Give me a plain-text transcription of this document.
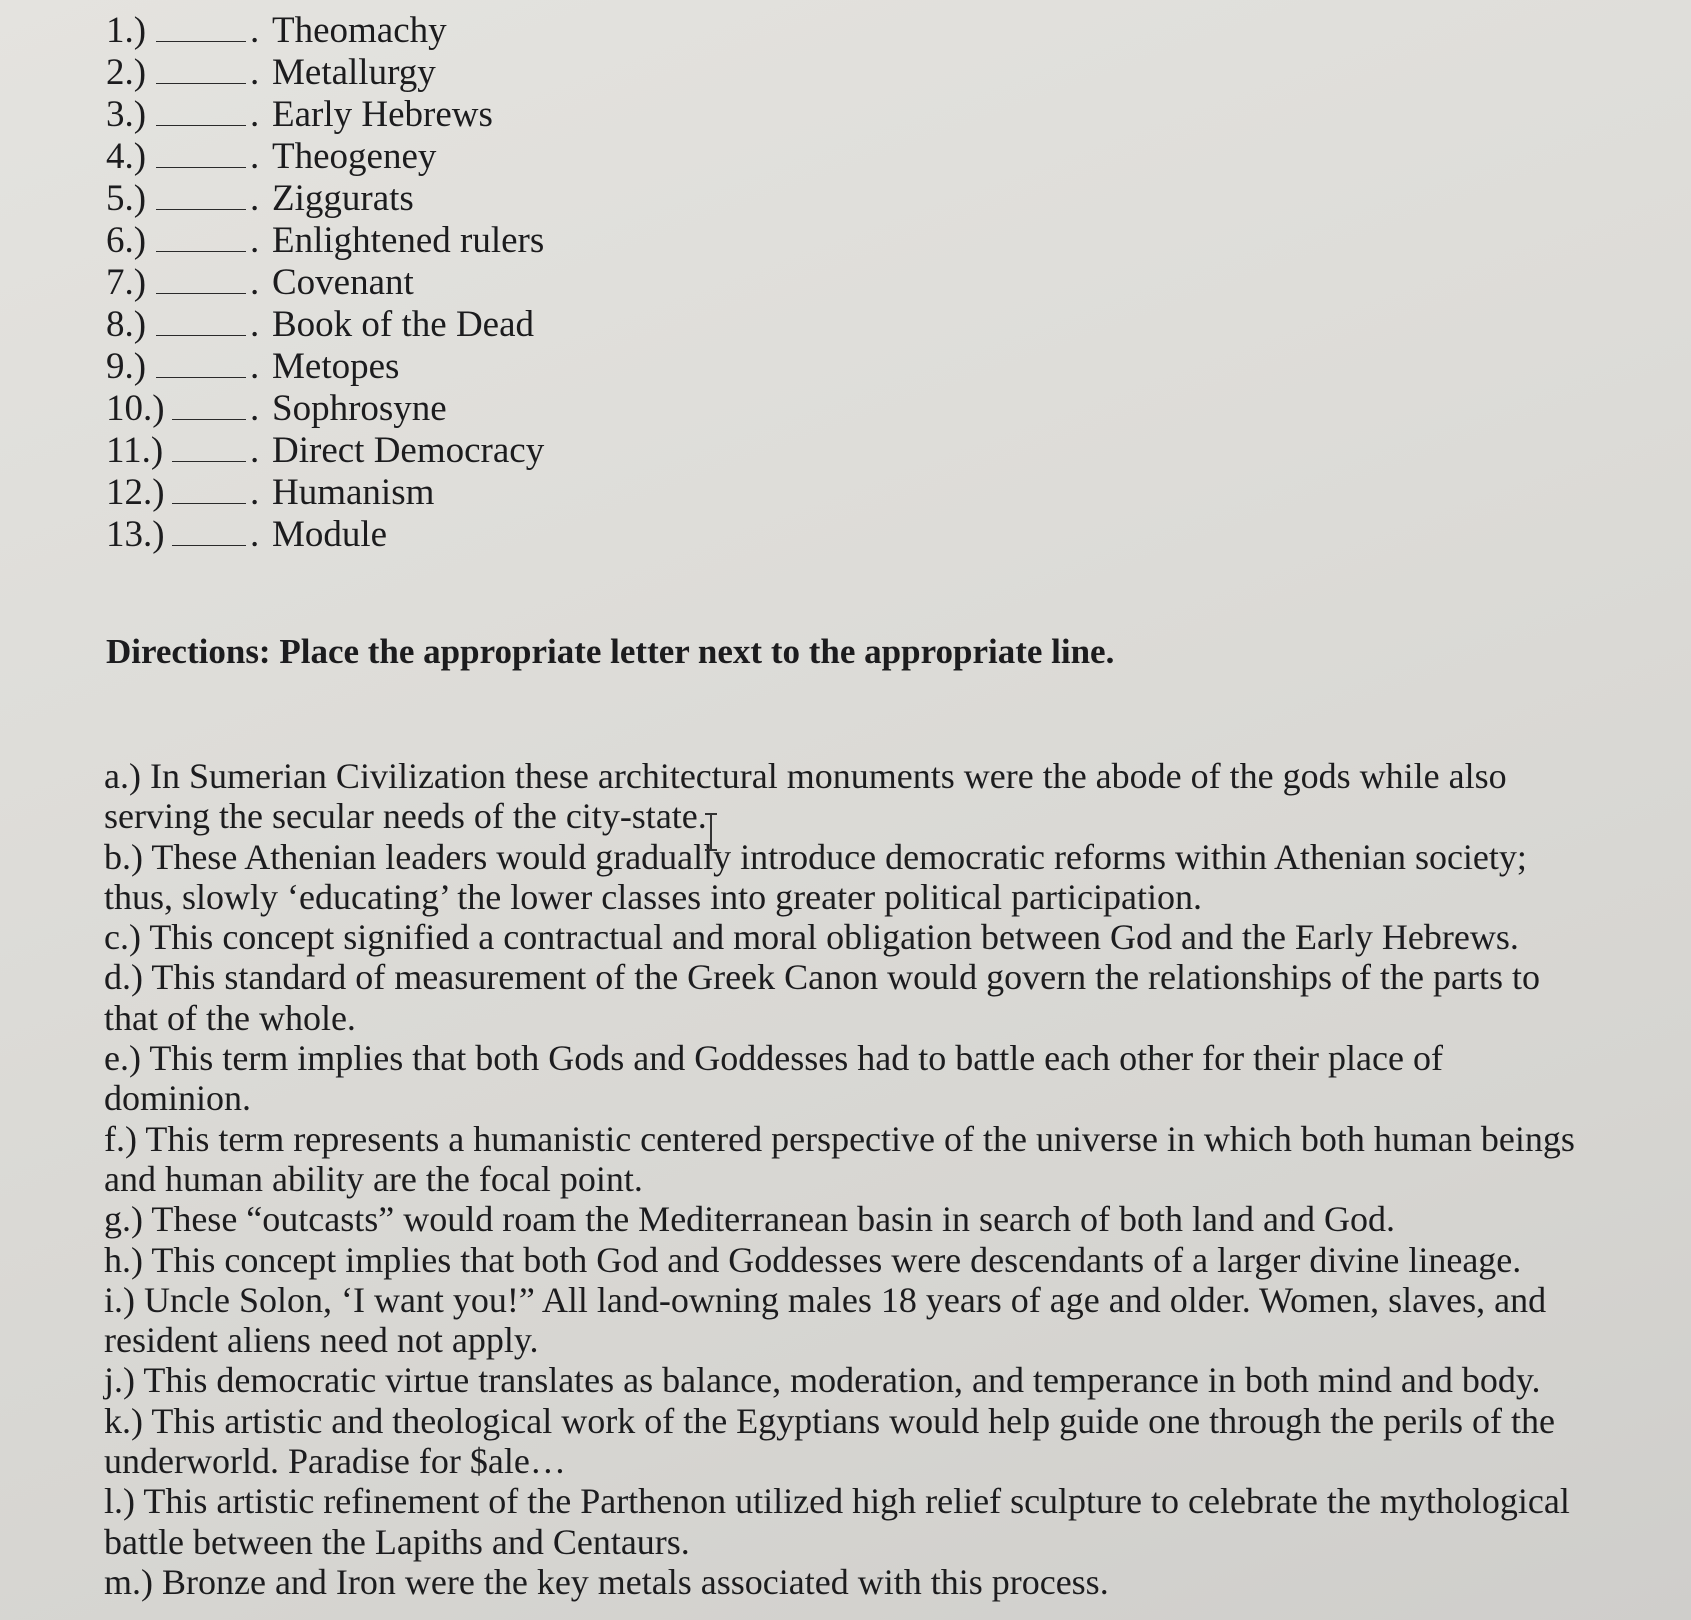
1.)	. Theomachy
2.)	. Metallurgy
3.)	. Early Hebrews
4.)	. Theogeney
5.)	. Ziggurats
6.)	. Enlightened rulers
7.)	. Covenant
8.)	. Book of the Dead
9.)	. Metopes
10.) . Sophrosyne
11.) . Direct Democracy
12.) . Humanism
13.) . Module

Directions: Place the appropriate letter next to the appropriate line.

a.) In Sumerian Civilization these architectural monuments were the abode of the gods while also serving the secular needs of the city-state.
b.) These Athenian leaders would gradually introduce democratic reforms within Athenian society; thus, slowly ‘educating’ the lower classes into greater political participation.
c.) This concept signified a contractual and moral obligation between God and the Early Hebrews.
d.) This standard of measurement of the Greek Canon would govern the relationships of the parts to that of the whole.
e.) This term implies that both Gods and Goddesses had to battle each other for their place of dominion.
f.) This term represents a humanistic centered perspective of the universe in which both human beings and human ability are the focal point.
g.) These “outcasts” would roam the Mediterranean basin in search of both land and God.
h.) This concept implies that both God and Goddesses were descendants of a larger divine lineage.
i.) Uncle Solon, ‘I want you!” All land-owning males 18 years of age and older. Women, slaves, and resident aliens need not apply.
j.) This democratic virtue translates as balance, moderation, and temperance in both mind and body.
k.) This artistic and theological work of the Egyptians would help guide one through the perils of the underworld. Paradise for $ale…
l.) This artistic refinement of the Parthenon utilized high relief sculpture to celebrate the mythological battle between the Lapiths and Centaurs.
m.) Bronze and Iron were the key metals associated with this process.
